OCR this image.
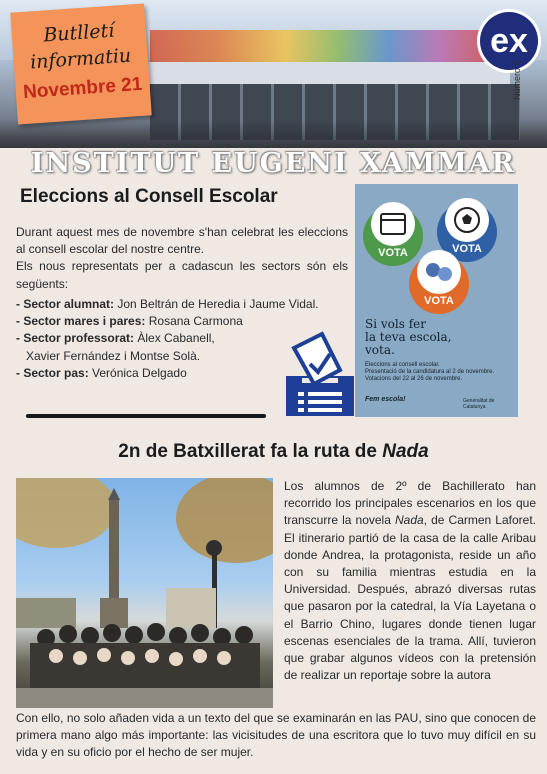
Butlletí
informatiu
Novembre 21
ex
Número 3
INSTITUT EUGENI XAMMAR
Eleccions al Consell Escolar

Durant aquest mes de novembre s'han celebrat les eleccions al consell escolar del nostre centre.

Els nous representats per a cadascun les sectors són els següents:

- Sector alumnat: Jon Beltrán de Heredia i Jaume Vidal.
- Sector mares i pares: Rosana Carmona
- Sector professorat: Àlex Cabanell,
Xavier Fernández i Montse Solà.
- Sector pas: Verónica Delgado
VOTA	VOTA
VOTA
Si vols fer
la teva escola,
vota.
Eleccions al consell escolar.
Presentació de la candidatura al 2 de novembre.
Votacions del 22 al 26 de novembre.
Fem escola!	Generalitat de Catalunya
2n de Batxillerat fa la ruta de Nada
Los alumnos de 2º de Bachillerato han recorrido los principales escenarios en los que transcurre la novela Nada, de Carmen Laforet. El itinerario partió de la casa de la calle Aribau donde Andrea, la protagonista, reside un año con su familia mientras estudia en la Universidad. Después, abrazó diversas rutas que pasaron por la catedral, la Vía Layetana o el Barrio Chino, lugares donde tienen lugar escenas esenciales de la trama. Allí, tuvieron que grabar algunos vídeos con la pretensión de realizar un reportaje sobre la autora
Con ello, no solo añaden vida a un texto del que se examinarán en las PAU, sino que conocen de primera mano algo más importante: las vicisitudes de una escritora que lo tuvo muy difícil en su vida y en su oficio por el hecho de ser mujer.
